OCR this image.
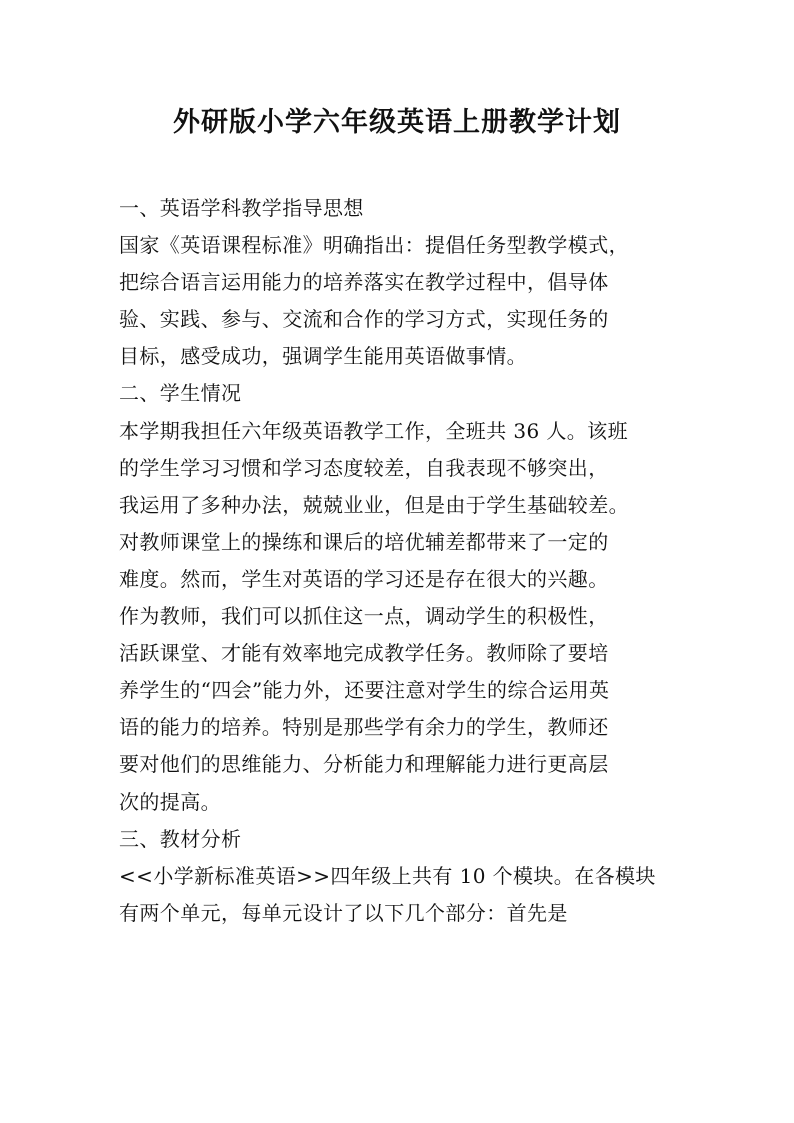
外研版小学六年级英语上册教学计划
一、英语学科教学指导思想
国家《英语课程标准》明确指出：提倡任务型教学模式，
把综合语言运用能力的培养落实在教学过程中，倡导体
验、实践、参与、交流和合作的学习方式，实现任务的
目标，感受成功，强调学生能用英语做事情。
二、学生情况
本学期我担任六年级英语教学工作，全班共 36 人。该班
的学生学习习惯和学习态度较差，自我表现不够突出，
我运用了多种办法，兢兢业业，但是由于学生基础较差。
对教师课堂上的操练和课后的培优辅差都带来了一定的
难度。然而，学生对英语的学习还是存在很大的兴趣。
作为教师，我们可以抓住这一点，调动学生的积极性，
活跃课堂、才能有效率地完成教学任务。教师除了要培
养学生的“四会”能力外，还要注意对学生的综合运用英
语的能力的培养。特别是那些学有余力的学生，教师还
要对他们的思维能力、分析能力和理解能力进行更高层
次的提高。
三、教材分析
<<小学新标准英语>>四年级上共有 10 个模块。在各模块
有两个单元，每单元设计了以下几个部分：首先是
